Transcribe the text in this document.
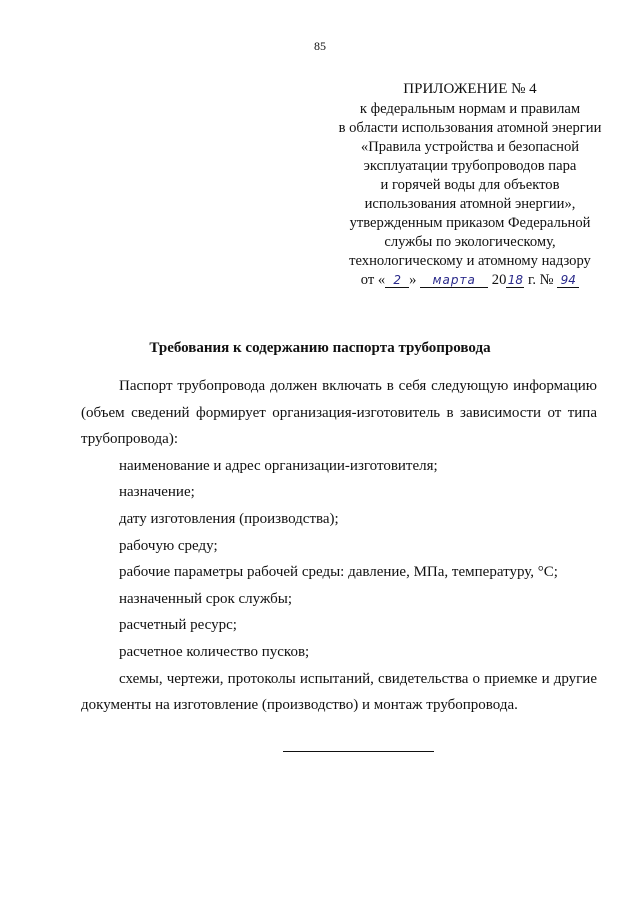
85
ПРИЛОЖЕНИЕ № 4
к федеральным нормам и правилам
в области использования атомной энергии
«Правила устройства и безопасной
эксплуатации трубопроводов пара
и горячей воды для объектов
использования атомной энергии»,
утвержденным приказом Федеральной
службы по экологическому,
технологическому и атомному надзору
от « 2 » марта 2018 г. № 94
Требования к содержанию паспорта трубопровода

Паспорт трубопровода должен включать в себя следующую информацию (объем сведений формирует организация-изготовитель в зависимости от типа трубопровода):

наименование и адрес организации-изготовителя;

назначение;

дату изготовления (производства);

рабочую среду;

рабочие параметры рабочей среды: давление, МПа, температуру, °С;

назначенный срок службы;

расчетный ресурс;

расчетное количество пусков;

схемы, чертежи, протоколы испытаний, свидетельства о приемке и другие документы на изготовление (производство) и монтаж трубопровода.
